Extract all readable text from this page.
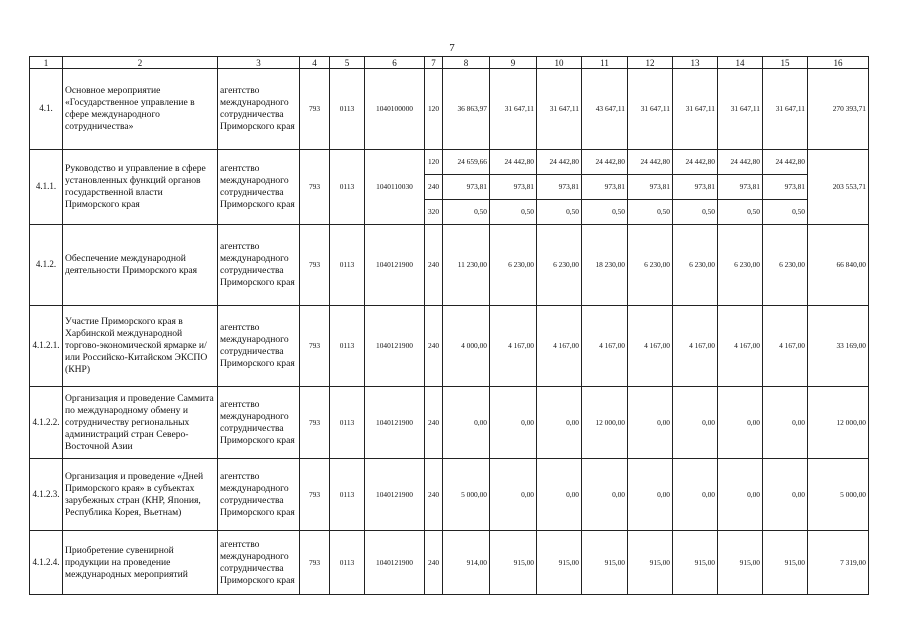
7
1	2	3	4	5	6	7	8	9	10	11	12	13	14	15	16
4.1.	Основное мероприятие «Государственное управление в сфере международного сотрудничества»	агентство международного сотрудничества Приморского края	793	0113	1040100000	120	36 863,97	31 647,11	31 647,11	43 647,11	31 647,11	31 647,11	31 647,11	31 647,11	270 393,71
4.1.1.	Руководство и управление в сфере установленных функций органов государственной власти Приморского края	агентство международного сотрудничества Приморского края	793	0113	1040110030	120	24 659,66	24 442,80	24 442,80	24 442,80	24 442,80	24 442,80	24 442,80	24 442,80	203 553,71
						240	973,81	973,81	973,81	973,81	973,81	973,81	973,81	973,81	
						320	0,50	0,50	0,50	0,50	0,50	0,50	0,50	0,50	
4.1.2.	Обеспечение международной деятельности Приморского края	агентство международного сотрудничества Приморского края	793	0113	1040121900	240	11 230,00	6 230,00	6 230,00	18 230,00	6 230,00	6 230,00	6 230,00	6 230,00	66 840,00
4.1.2.1.	Участие Приморского края в Харбинской международной торгово-экономической ярмарке и/или Российско-Китайском ЭКСПО (КНР)	агентство международного сотрудничества Приморского края	793	0113	1040121900	240	4 000,00	4 167,00	4 167,00	4 167,00	4 167,00	4 167,00	4 167,00	4 167,00	33 169,00
4.1.2.2.	Организация и проведение Саммита по международному обмену и сотрудничеству региональных администраций стран Северо-Восточной Азии	агентство международного сотрудничества Приморского края	793	0113	1040121900	240	0,00	0,00	0,00	12 000,00	0,00	0,00	0,00	0,00	12 000,00
4.1.2.3.	Организация и проведение «Дней Приморского края» в субъектах зарубежных стран (КНР, Япония, Республика Корея, Вьетнам)	агентство международного сотрудничества Приморского края	793	0113	1040121900	240	5 000,00	0,00	0,00	0,00	0,00	0,00	0,00	0,00	5 000,00
4.1.2.4.	Приобретение сувенирной продукции на проведение международных мероприятий	агентство международного сотрудничества Приморского края	793	0113	1040121900	240	914,00	915,00	915,00	915,00	915,00	915,00	915,00	915,00	7 319,00
